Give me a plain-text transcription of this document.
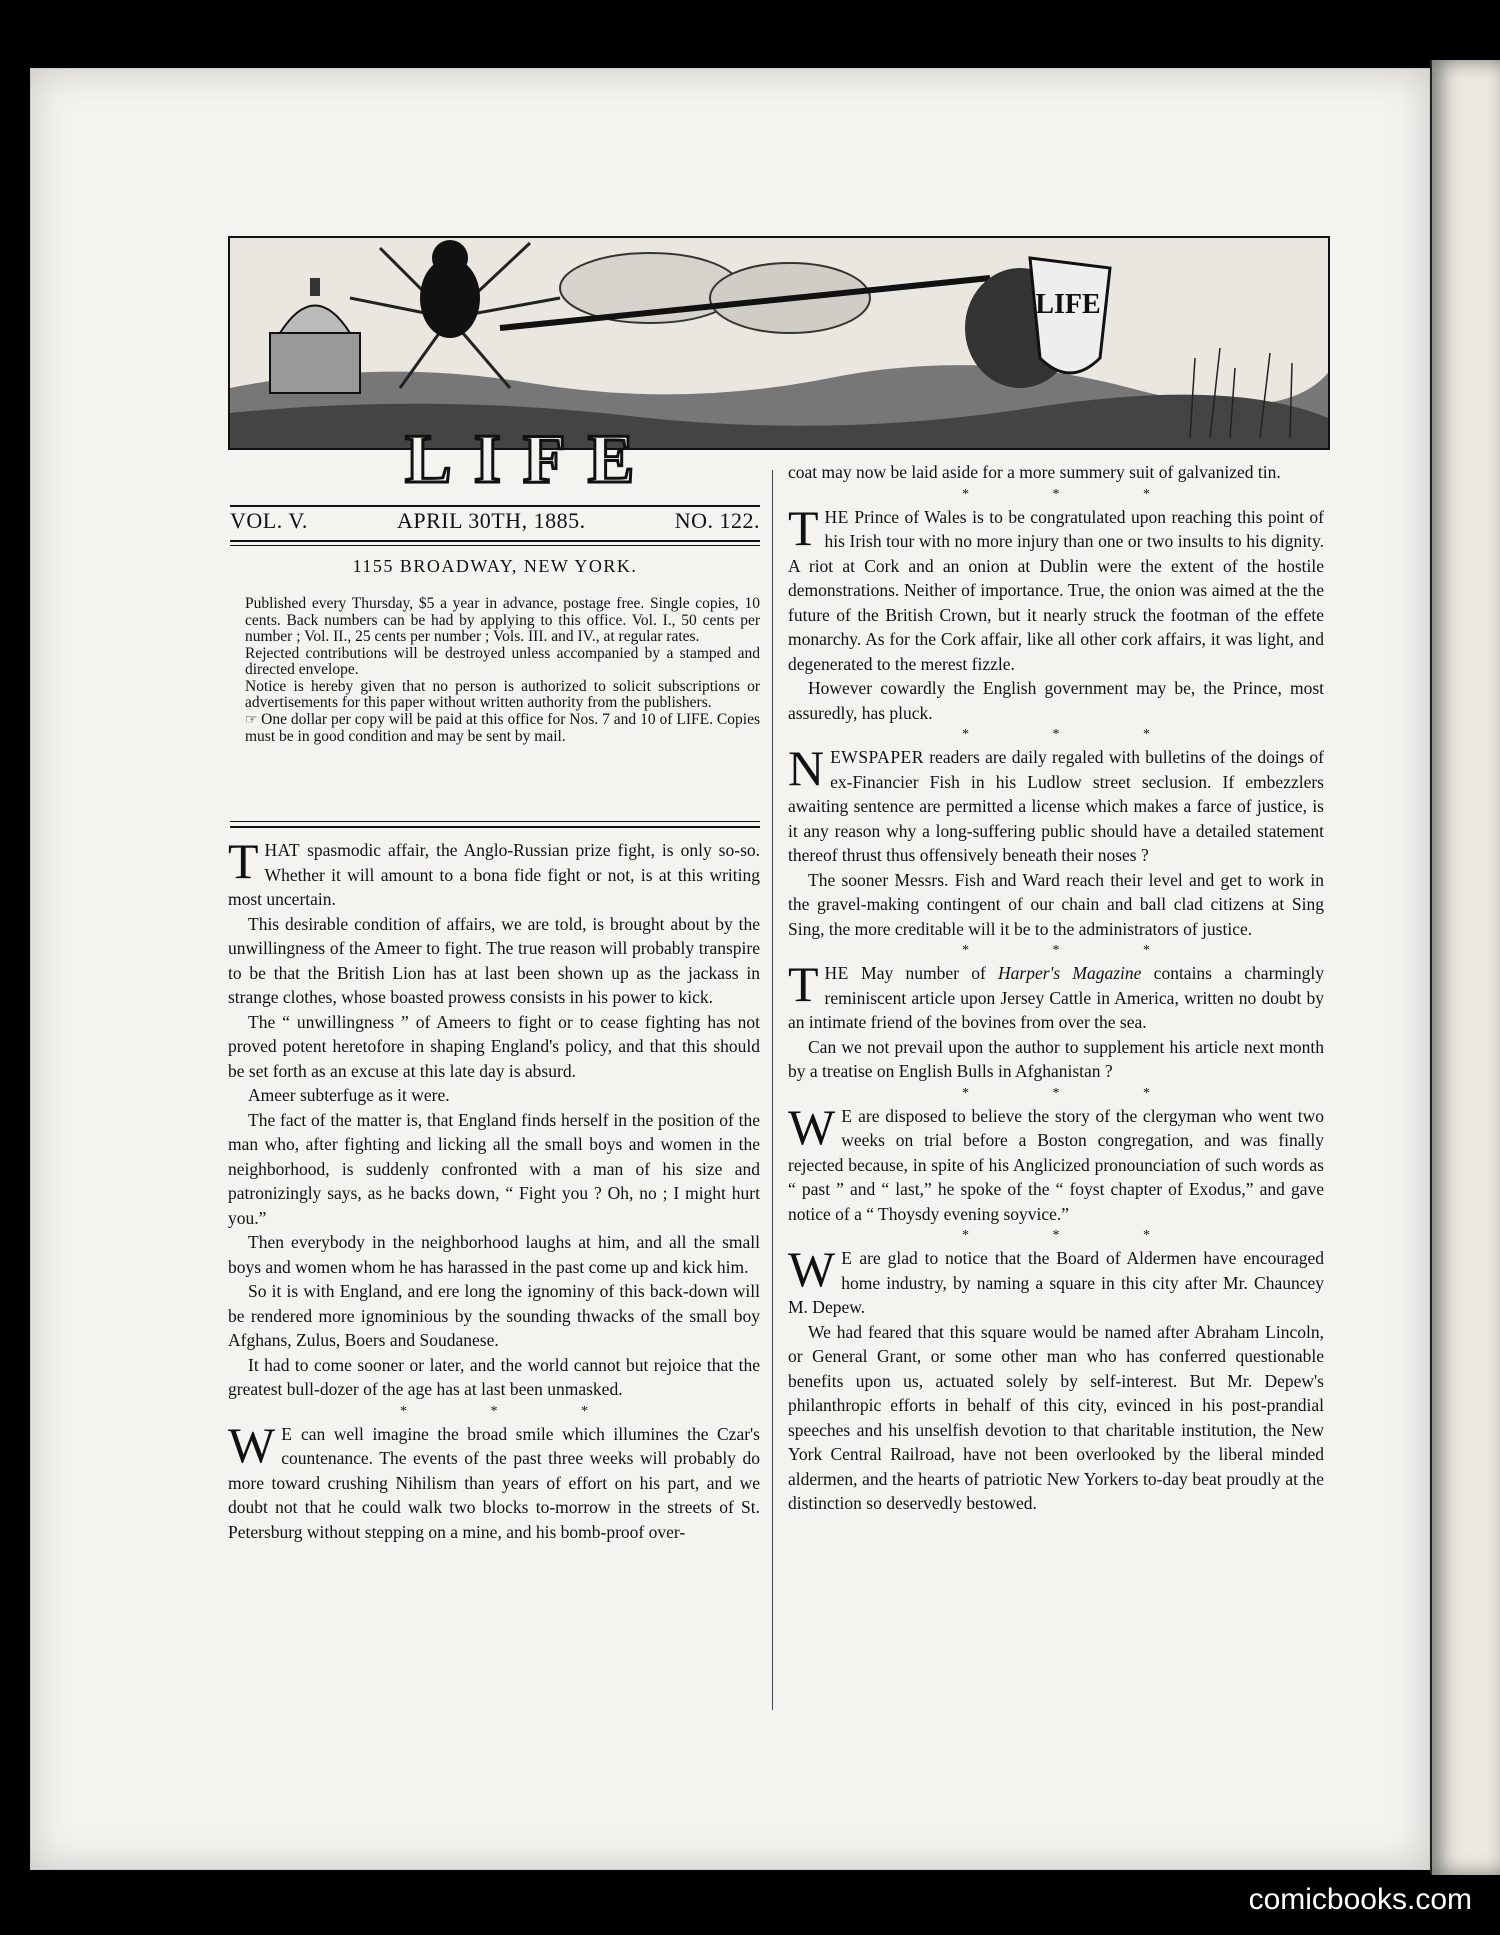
LIFE
LIFE
VOL. V.	APRIL 30TH, 1885.	NO. 122.
1155 BROADWAY, NEW YORK.

Published every Thursday, $5 a year in advance, postage free. Single copies, 10 cents. Back numbers can be had by applying to this office. Vol. I., 50 cents per number ; Vol. II., 25 cents per number ; Vols. III. and IV., at regular rates.

Rejected contributions will be destroyed unless accompanied by a stamped and directed envelope.

Notice is hereby given that no person is authorized to solicit subscriptions or advertisements for this paper without written authority from the publishers.

☞ One dollar per copy will be paid at this office for Nos. 7 and 10 of LIFE. Copies must be in good condition and may be sent by mail.

THAT spasmodic affair, the Anglo-Russian prize fight, is only so-so. Whether it will amount to a bona fide fight or not, is at this writing most uncertain.

This desirable condition of affairs, we are told, is brought about by the unwillingness of the Ameer to fight. The true reason will probably transpire to be that the British Lion has at last been shown up as the jackass in strange clothes, whose boasted prowess consists in his power to kick.

The “ unwillingness ” of Ameers to fight or to cease fighting has not proved potent heretofore in shaping England's policy, and that this should be set forth as an excuse at this late day is absurd.

Ameer subterfuge as it were.

The fact of the matter is, that England finds herself in the position of the man who, after fighting and licking all the small boys and women in the neighborhood, is suddenly confronted with a man of his size and patronizingly says, as he backs down, “ Fight you ? Oh, no ; I might hurt you.”

Then everybody in the neighborhood laughs at him, and all the small boys and women whom he has harassed in the past come up and kick him.

So it is with England, and ere long the ignominy of this back-down will be rendered more ignominious by the sounding thwacks of the small boy Afghans, Zulus, Boers and Soudanese.

It had to come sooner or later, and the world cannot but rejoice that the greatest bull-dozer of the age has at last been unmasked.

* * *

W E can well imagine the broad smile which illumines the Czar's countenance. The events of the past three weeks will probably do more toward crushing Nihilism than years of effort on his part, and we doubt not that he could walk two blocks to-morrow in the streets of St. Petersburg without stepping on a mine, and his bomb-proof over-

coat may now be laid aside for a more summery suit of galvanized tin.

* * *

THE Prince of Wales is to be congratulated upon reaching this point of his Irish tour with no more injury than one or two insults to his dignity. A riot at Cork and an onion at Dublin were the extent of the hostile demonstrations. Neither of importance. True, the onion was aimed at the the future of the British Crown, but it nearly struck the footman of the effete monarchy. As for the Cork affair, like all other cork affairs, it was light, and degenerated to the merest fizzle.

However cowardly the English government may be, the Prince, most assuredly, has pluck.

* * *

NEWSPAPER readers are daily regaled with bulletins of the doings of ex-Financier Fish in his Ludlow street seclusion. If embezzlers awaiting sentence are permitted a license which makes a farce of justice, is it any reason why a long-suffering public should have a detailed statement thereof thrust thus offensively beneath their noses ?

The sooner Messrs. Fish and Ward reach their level and get to work in the gravel-making contingent of our chain and ball clad citizens at Sing Sing, the more creditable will it be to the administrators of justice.

* * *

THE May number of Harper's Magazine contains a charmingly reminiscent article upon Jersey Cattle in America, written no doubt by an intimate friend of the bovines from over the sea.

Can we not prevail upon the author to supplement his article next month by a treatise on English Bulls in Afghanistan ?

* * *

W E are disposed to believe the story of the clergyman who went two weeks on trial before a Boston congregation, and was finally rejected because, in spite of his Anglicized pronounciation of such words as “ past ” and “ last,” he spoke of the “ foyst chapter of Exodus,” and gave notice of a “ Thoysdy evening soyvice.”

* * *

W E are glad to notice that the Board of Aldermen have encouraged home industry, by naming a square in this city after Mr. Chauncey M. Depew.

We had feared that this square would be named after Abraham Lincoln, or General Grant, or some other man who has conferred questionable benefits upon us, actuated solely by self-interest. But Mr. Depew's philanthropic efforts in behalf of this city, evinced in his post-prandial speeches and his unselfish devotion to that charitable institution, the New York Central Railroad, have not been overlooked by the liberal minded aldermen, and the hearts of patriotic New Yorkers to-day beat proudly at the distinction so deservedly bestowed.

comicbooks.com
